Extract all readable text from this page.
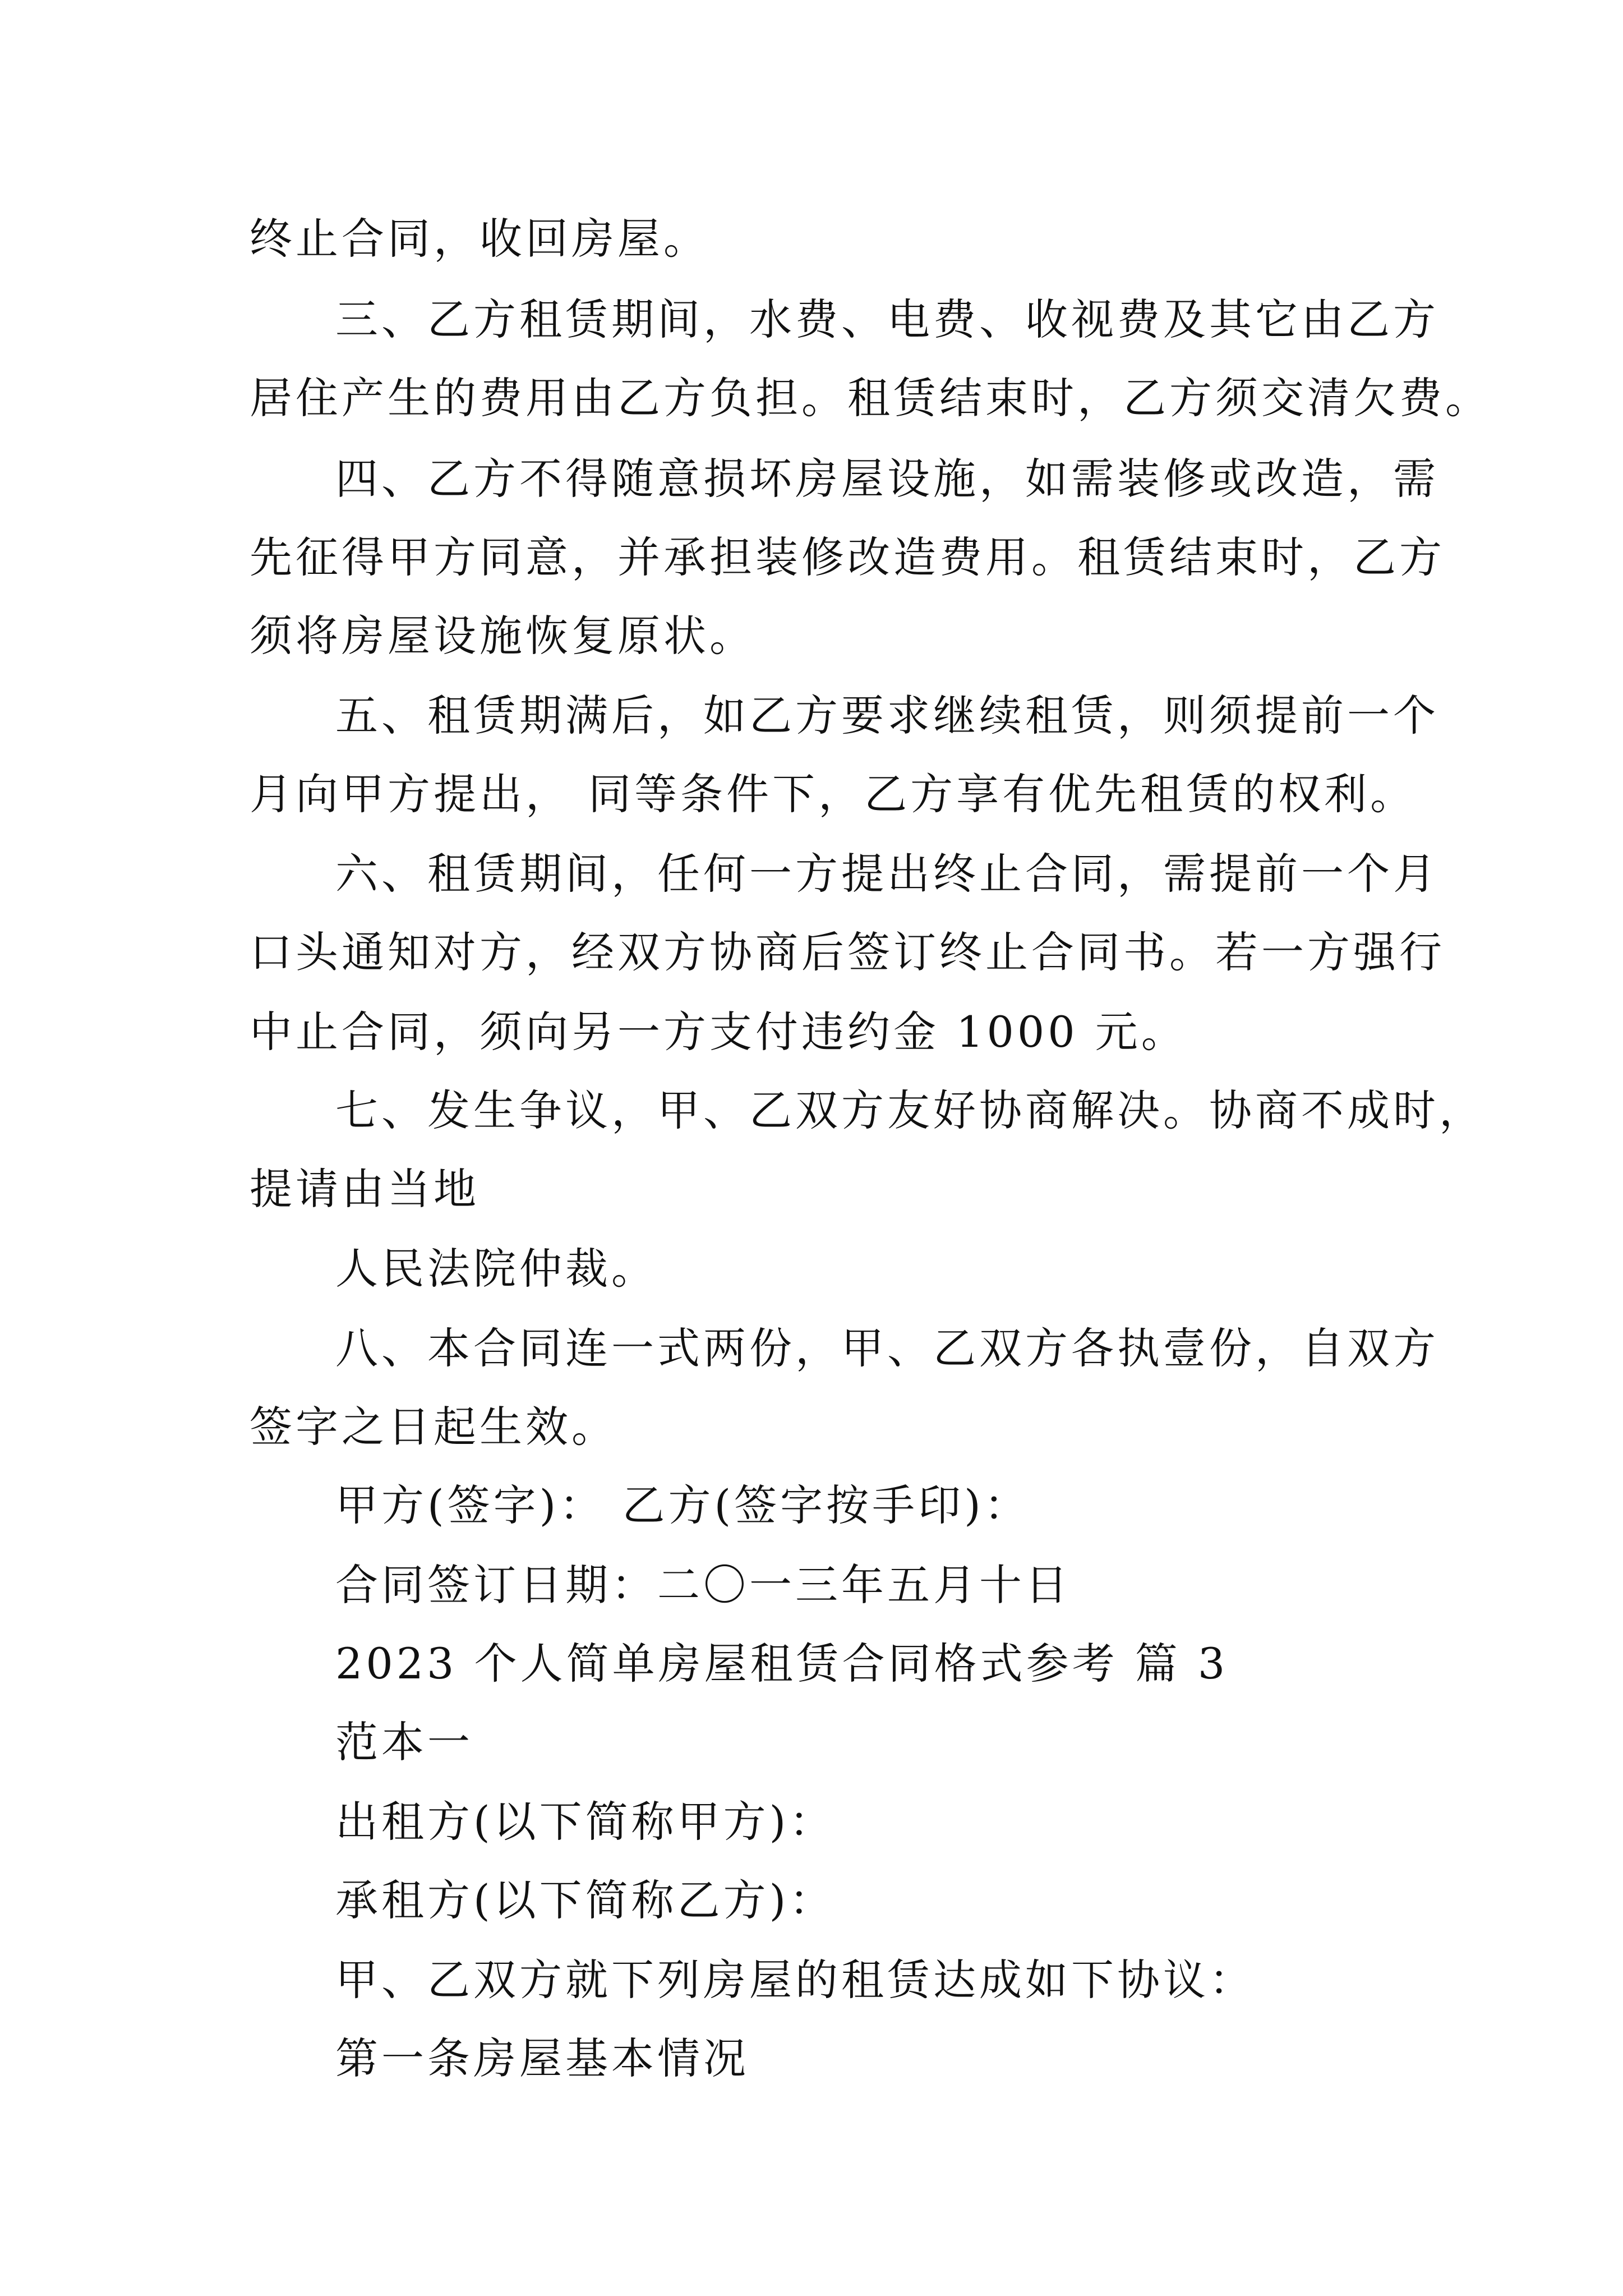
终止合同，收回房屋。
三、乙方租赁期间，水费、电费、收视费及其它由乙方
居住产生的费用由乙方负担。租赁结束时，乙方须交清欠费。
四、乙方不得随意损坏房屋设施，如需装修或改造，需
先征得甲方同意，并承担装修改造费用。租赁结束时，乙方
须将房屋设施恢复原状。
五、租赁期满后，如乙方要求继续租赁，则须提前一个
月向甲方提出， 同等条件下，乙方享有优先租赁的权利。
六、租赁期间，任何一方提出终止合同，需提前一个月
口头通知对方，经双方协商后签订终止合同书。若一方强行
中止合同，须向另一方支付违约金 1000 元。
七、发生争议，甲、乙双方友好协商解决。协商不成时，
提请由当地
人民法院仲裁。
八、本合同连一式两份，甲、乙双方各执壹份，自双方
签字之日起生效。
甲方(签字)： 乙方(签字按手印)：
合同签订日期：二〇一三年五月十日
2023 个人简单房屋租赁合同格式参考 篇 3
范本一
出租方(以下简称甲方)：
承租方(以下简称乙方)：
甲、乙双方就下列房屋的租赁达成如下协议：
第一条房屋基本情况
